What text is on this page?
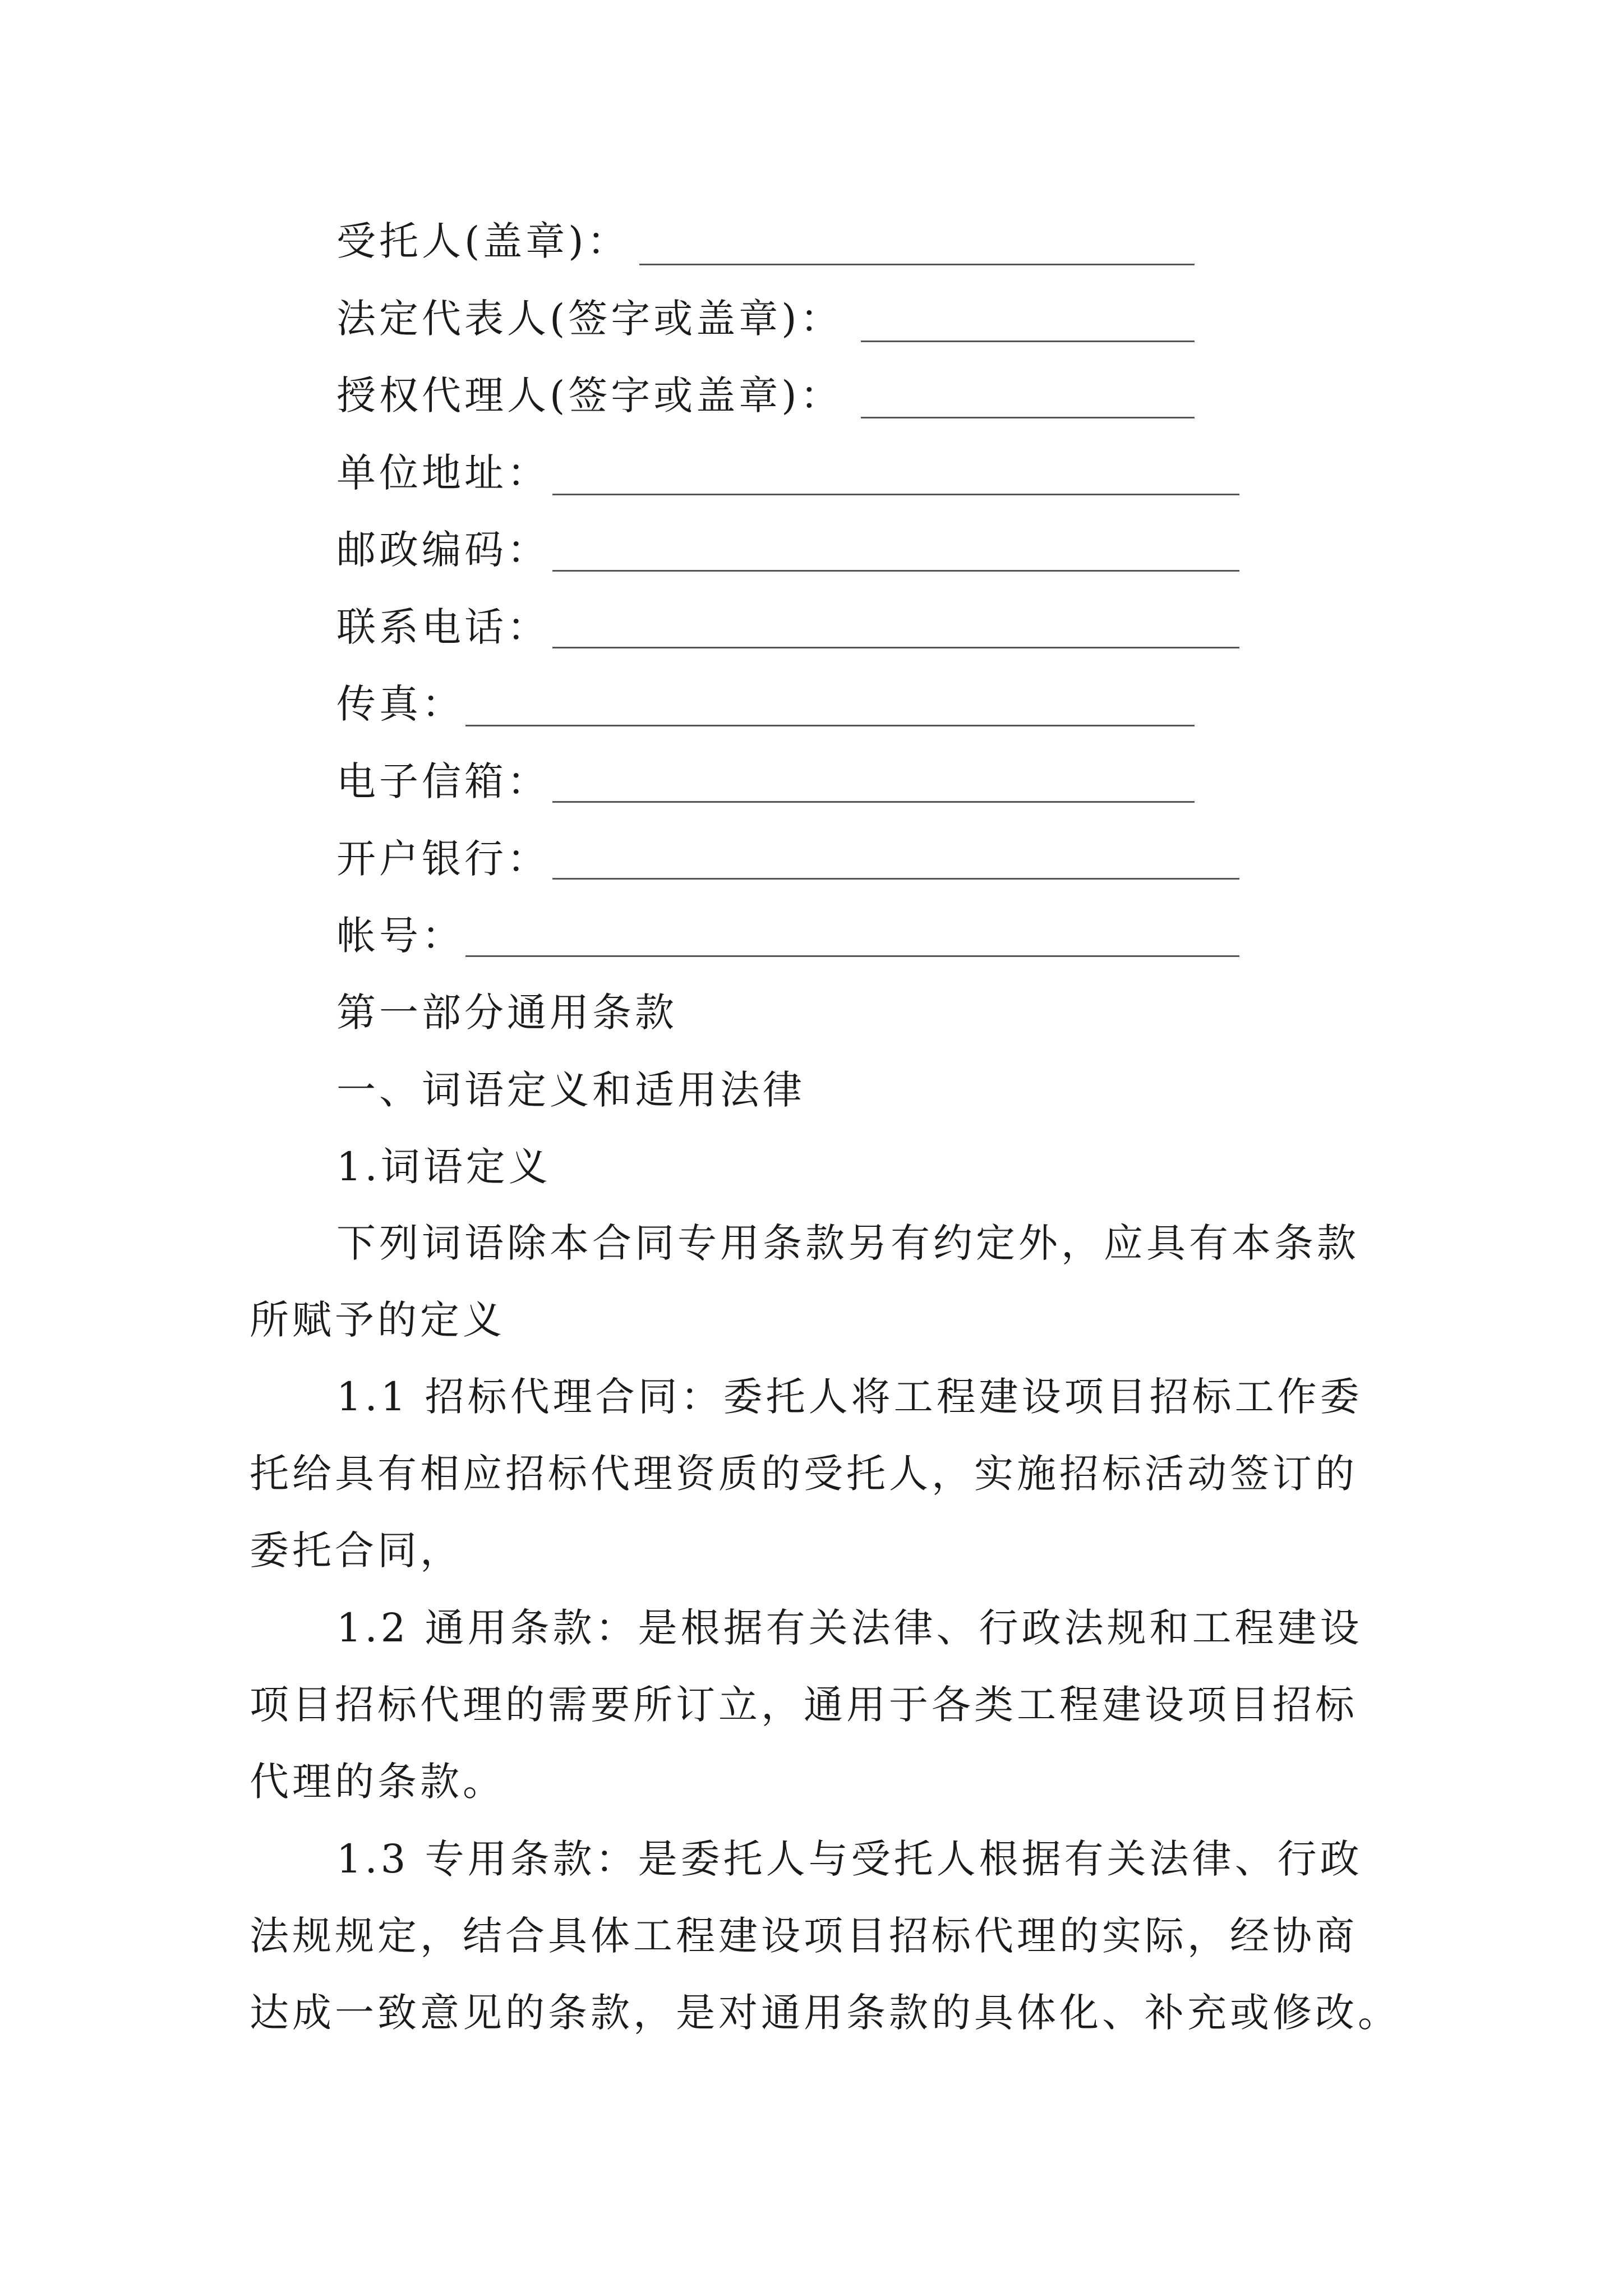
受托人(盖章)：
法定代表人(签字或盖章)：
授权代理人(签字或盖章)：
单位地址：
邮政编码：
联系电话：
传真：
电子信箱：
开户银行：
帐号：
第一部分通用条款
一、词语定义和适用法律
1.词语定义
下列词语除本合同专用条款另有约定外，应具有本条款
所赋予的定义
1.1 招标代理合同：委托人将工程建设项目招标工作委
托给具有相应招标代理资质的受托人，实施招标活动签订的
委托合同，
1.2 通用条款：是根据有关法律、行政法规和工程建设
项目招标代理的需要所订立，通用于各类工程建设项目招标
代理的条款。
1.3 专用条款：是委托人与受托人根据有关法律、行政
法规规定，结合具体工程建设项目招标代理的实际，经协商
达成一致意见的条款，是对通用条款的具体化、补充或修改。
